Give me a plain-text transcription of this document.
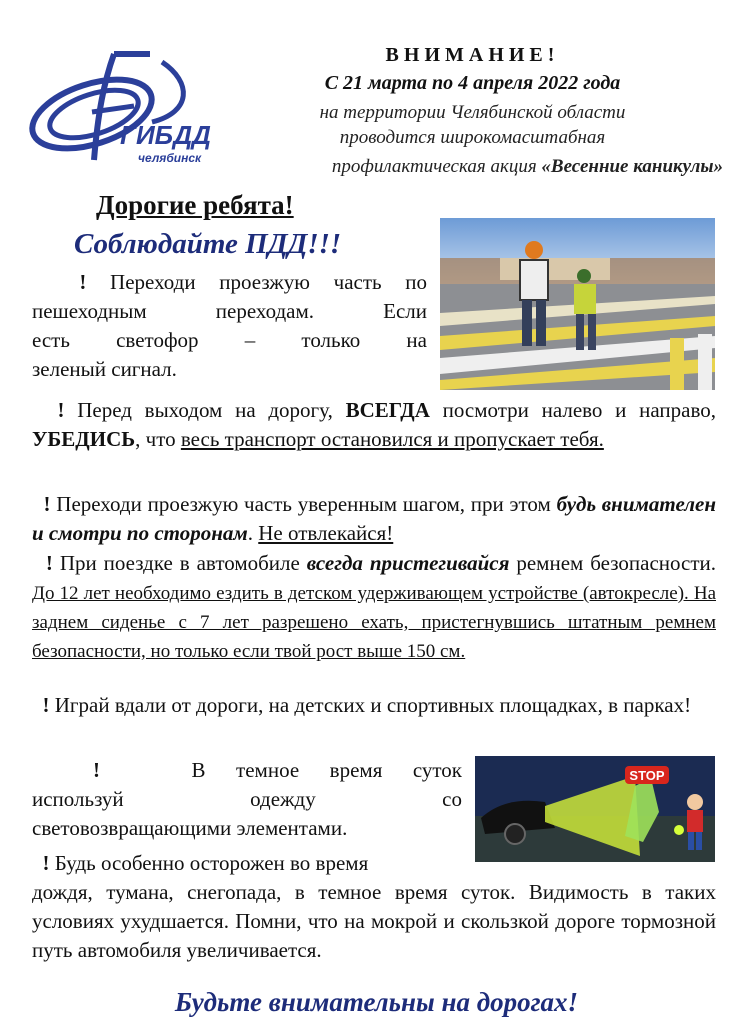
ГИБДД
челябинск
ВНИМАНИЕ!
С 21 марта по 4 апреля 2022 года
на территории Челябинской области
проводится широкомасштабная
профилактическая акция «Весенние каникулы»
Дорогие ребята!
Соблюдайте ПДД!!!
! Переходи проезжую часть по
пешеходным переходам. Если
есть светофор – только на
зеленый сигнал.
! Перед выходом на дорогу, ВСЕГДА посмотри налево и направо, УБЕДИСЬ, что весь транспорт остановился и пропускает тебя.
! Переходи проезжую часть уверенным шагом, при этом будь внимателен и смотри по сторонам. Не отвлекайся!
! При поездке в автомобиле всегда пристегивайся ремнем безопасности. До 12 лет необходимо ездить в детском удерживающем устройстве (автокресле). На заднем сиденье с 7 лет разрешено ехать, пристегнувшись штатным ремнем безопасности, но только если твой рост выше 150 см.
! Играй вдали от дороги, на детских и спортивных площадках, в парках!
STOP
!	В темное время суток
используй одежду со
световозвращающими элементами.
! Будь особенно осторожен во время
дождя, тумана, снегопада, в темное время суток. Видимость в таких условиях ухудшается. Помни, что на мокрой и скользкой дороге тормозной путь автомобиля увеличивается.
Будьте внимательны на дорогах!
